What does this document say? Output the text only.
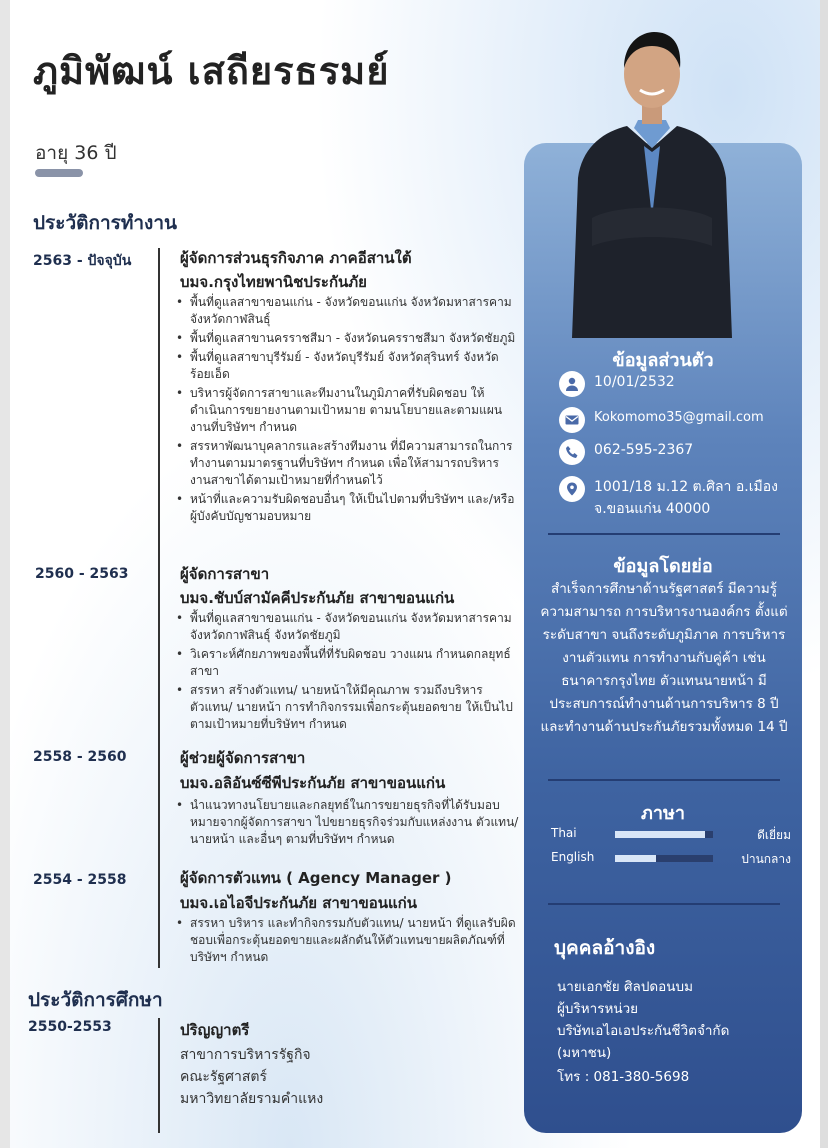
ภูมิพัฒน์ เสถียรธรมย์
อายุ 36 ปี
ประวัติการทำงาน
2563 - ปัจจุบัน	ผู้จัดการส่วนธุรกิจภาค ภาคอีสานใต้
บมจ.กรุงไทยพานิชประกันภัย
• พื้นที่ดูแลสาขาขอนแก่น - จังหวัดขอนแก่น จังหวัดมหาสารคาม จังหวัดกาฬสินธุ์
• พื้นที่ดูแลสาขานครราชสีมา - จังหวัดนครราชสีมา จังหวัดชัยภูมิ
• พื้นที่ดูแลสาขาบุรีรัมย์ - จังหวัดบุรีรัมย์ จังหวัดสุรินทร์ จังหวัดร้อยเอ็ด
• บริหารผู้จัดการสาขาและทีมงานในภูมิภาคที่รับผิดชอบ ให้ดำเนินการขยายงานตามเป้าหมาย ตามนโยบายและตามแผนงานที่บริษัทฯ กำหนด
• สรรหาพัฒนาบุคลากรและสร้างทีมงาน ที่มีความสามารถในการทำงานตามมาตรฐานที่บริษัทฯ กำหนด เพื่อให้สามารถบริหารงานสาขาได้ตามเป้าหมายที่กำหนดไว้
• หน้าที่และความรับผิดชอบอื่นๆ ให้เป็นไปตามที่บริษัทฯ และ/หรือผู้บังคับบัญชามอบหมาย
2560 - 2563	ผู้จัดการสาขา
บมจ.ชับบ์สามัคคีประกันภัย สาขาขอนแก่น
• พื้นที่ดูแลสาขาขอนแก่น - จังหวัดขอนแก่น จังหวัดมหาสารคาม จังหวัดกาฬสินธุ์ จังหวัดชัยภูมิ
• วิเคราะห์ศักยภาพของพื้นที่ที่รับผิดชอบ วางแผน กำหนดกลยุทธ์สาขา
• สรรหา สร้างตัวแทน/ นายหน้าให้มีคุณภาพ รวมถึงบริหารตัวแทน/ นายหน้า การทำกิจกรรมเพื่อกระตุ้นยอดขาย ให้เป็นไปตามเป้าหมายที่บริษัทฯ กำหนด
2558 - 2560	ผู้ช่วยผู้จัดการสาขา
บมจ.อลิอันซ์ซีพีประกันภัย สาขาขอนแก่น
• นำแนวทางนโยบายและกลยุทธ์ในการขยายธุรกิจที่ได้รับมอบหมายจากผู้จัดการสาขา ไปขยายธุรกิจร่วมกับแหล่งงาน ตัวแทน/ นายหน้า และอื่นๆ ตามที่บริษัทฯ กำหนด
2554 - 2558	ผู้จัดการตัวแทน ( Agency Manager )
บมจ.เอไอจีประกันภัย สาขาขอนแก่น
• สรรหา บริหาร และทำกิจกรรมกับตัวแทน/ นายหน้า ที่ดูแลรับผิดชอบเพื่อกระตุ้นยอดขายและผลักดันให้ตัวแทนขายผลิตภัณฑ์ที่บริษัทฯ กำหนด
ประวัติการศึกษา
2550-2553	ปริญญาตรี
สาขาการบริหารรัฐกิจ
คณะรัฐศาสตร์
มหาวิทยาลัยรามคำแหง
ข้อมูลส่วนตัว
10/01/2532
Kokomomo35@gmail.com
062-595-2367
1001/18 ม.12 ต.ศิลา อ.เมือง
จ.ขอนแก่น 40000
ข้อมูลโดยย่อ
สำเร็จการศึกษาด้านรัฐศาสตร์ มีความรู้ ความสามารถ การบริหารงานองค์กร ตั้งแต่ระดับสาขา จนถึงระดับภูมิภาค การบริหารงานตัวแทน การทำงานกับคู่ค้า เช่น ธนาคารกรุงไทย ตัวแทนนายหน้า มีประสบการณ์ทำงานด้านการบริหาร 8 ปี และทำงานด้านประกันภัยรวมทั้งหมด 14 ปี
ภาษา
Thai	ดีเยี่ยม
English	ปานกลาง
บุคคลอ้างอิง
นายเอกชัย ศิลปดอนบม
ผู้บริหารหน่วย
บริษัทเอไอเอประกันชีวิตจำกัด
(มหาชน)
โทร : 081-380-5698
